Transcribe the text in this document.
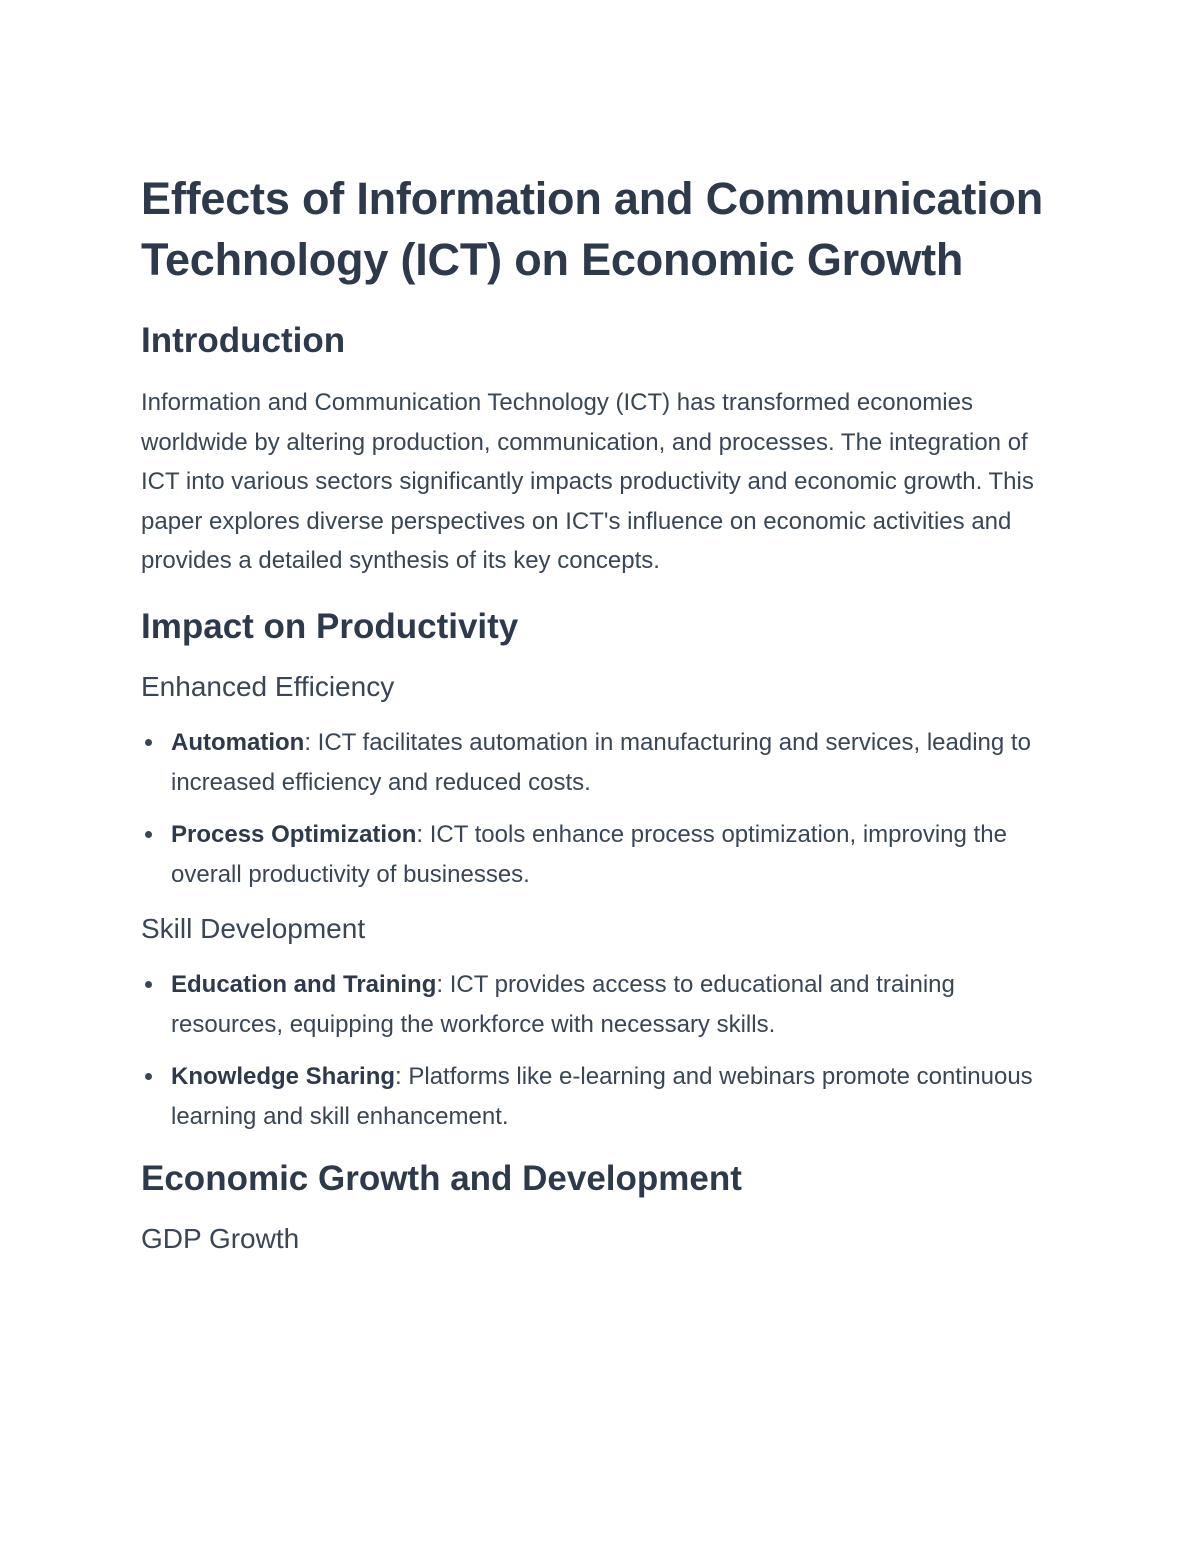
Effects of Information and Communication Technology (ICT) on Economic Growth
Introduction

Information and Communication Technology (ICT) has transformed economies worldwide by altering production, communication, and processes. The integration of ICT into various sectors significantly impacts productivity and economic growth. This paper explores diverse perspectives on ICT's influence on economic activities and provides a detailed synthesis of its key concepts.

Impact on Productivity
Enhanced Efficiency
Automation: ICT facilitates automation in manufacturing and services, leading to increased efficiency and reduced costs.
Process Optimization: ICT tools enhance process optimization, improving the overall productivity of businesses.
Skill Development
Education and Training: ICT provides access to educational and training resources, equipping the workforce with necessary skills.
Knowledge Sharing: Platforms like e-learning and webinars promote continuous learning and skill enhancement.
Economic Growth and Development
GDP Growth
